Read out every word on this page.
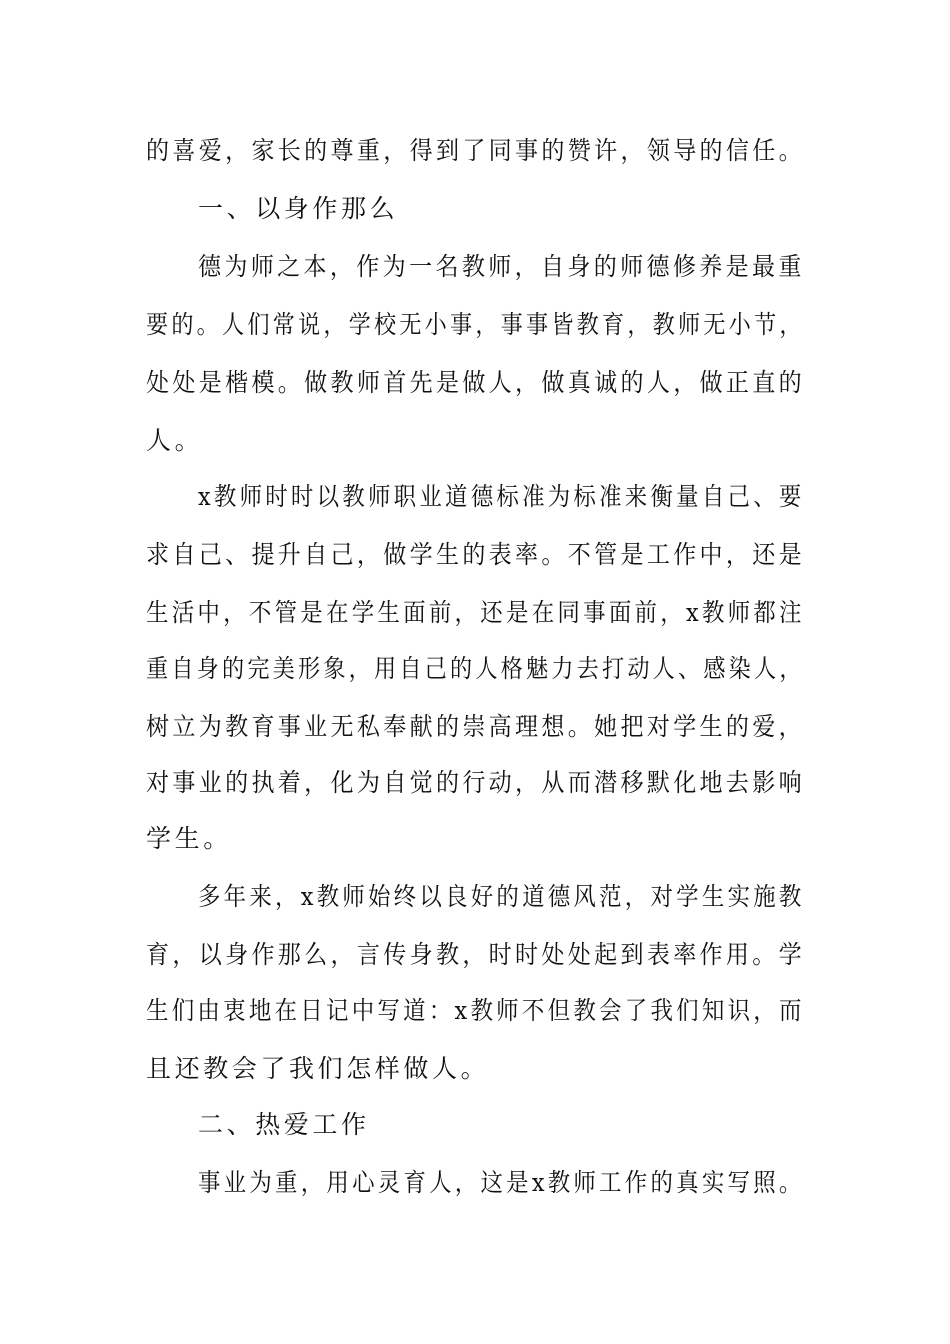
的喜爱，家长的尊重，得到了同事的赞许，领导的信任。
一、以身作那么
德为师之本，作为一名教师，自身的师德修养是最重
要的。人们常说，学校无小事，事事皆教育，教师无小节，
处处是楷模。做教师首先是做人，做真诚的人，做正直的
人。
x教师时时以教师职业道德标准为标准来衡量自己、要
求自己、提升自己，做学生的表率。不管是工作中，还是
生活中，不管是在学生面前，还是在同事面前，x教师都注
重自身的完美形象，用自己的人格魅力去打动人、感染人，
树立为教育事业无私奉献的崇高理想。她把对学生的爱，
对事业的执着，化为自觉的行动，从而潜移默化地去影响
学生。
多年来，x教师始终以良好的道德风范，对学生实施教
育，以身作那么，言传身教，时时处处起到表率作用。学
生们由衷地在日记中写道：x教师不但教会了我们知识，而
且还教会了我们怎样做人。
二、热爱工作
事业为重，用心灵育人，这是x教师工作的真实写照。
